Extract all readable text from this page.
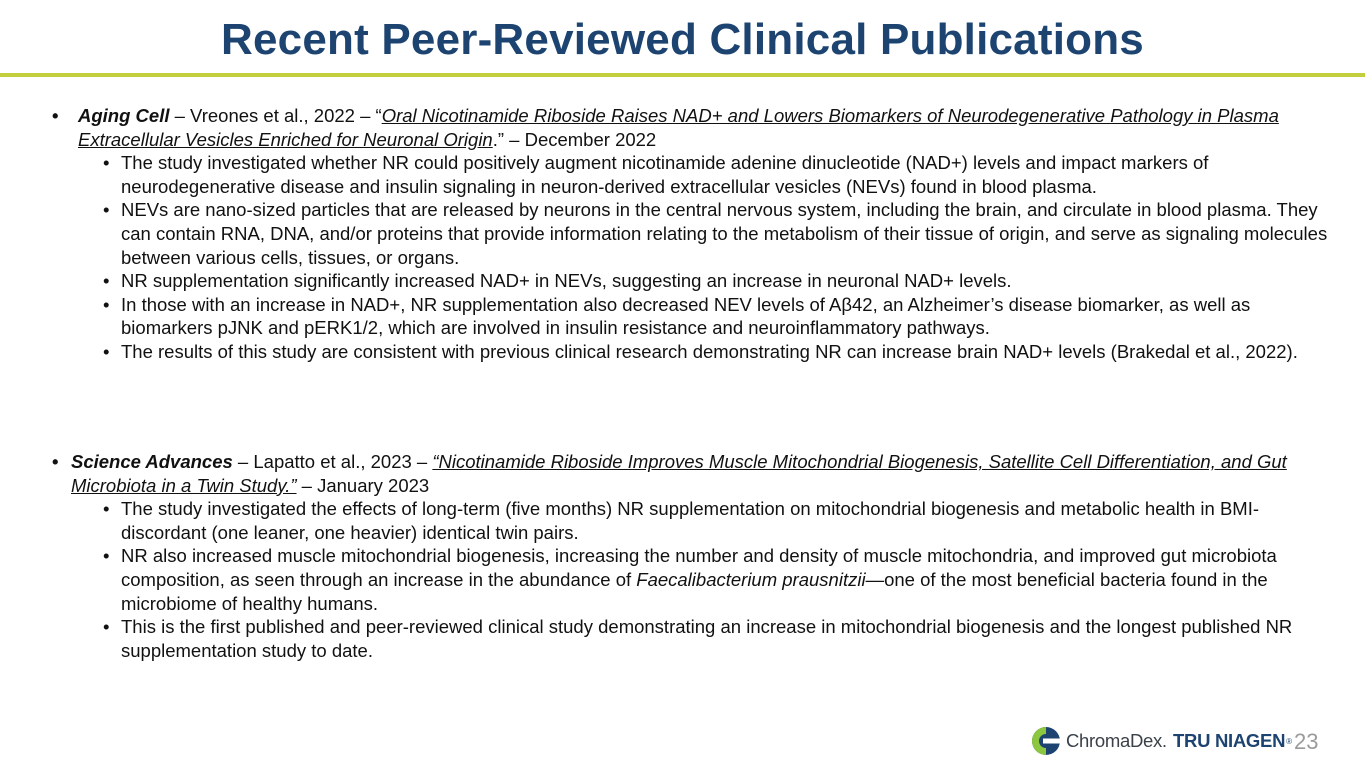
Recent Peer-Reviewed Clinical Publications
• Aging Cell – Vreones et al., 2022 – “Oral Nicotinamide Riboside Raises NAD+ and Lowers Biomarkers of Neurodegenerative Pathology in Plasma Extracellular Vesicles Enriched for Neuronal Origin.” – December 2022
• The study investigated whether NR could positively augment nicotinamide adenine dinucleotide (NAD+) levels and impact markers of neurodegenerative disease and insulin signaling in neuron-derived extracellular vesicles (NEVs) found in blood plasma.
• NEVs are nano-sized particles that are released by neurons in the central nervous system, including the brain, and circulate in blood plasma. They can contain RNA, DNA, and/or proteins that provide information relating to the metabolism of their tissue of origin, and serve as signaling molecules between various cells, tissues, or organs.
• NR supplementation significantly increased NAD+ in NEVs, suggesting an increase in neuronal NAD+ levels.
• In those with an increase in NAD+, NR supplementation also decreased NEV levels of Aβ42, an Alzheimer’s disease biomarker, as well as biomarkers pJNK and pERK1/2, which are involved in insulin resistance and neuroinflammatory pathways.
• The results of this study are consistent with previous clinical research demonstrating NR can increase brain NAD+ levels (Brakedal et al., 2022).
• Science Advances – Lapatto et al., 2023 – “Nicotinamide Riboside Improves Muscle Mitochondrial Biogenesis, Satellite Cell Differentiation, and Gut Microbiota in a Twin Study.” – January 2023
• The study investigated the effects of long-term (five months) NR supplementation on mitochondrial biogenesis and metabolic health in BMI-discordant (one leaner, one heavier) identical twin pairs.
• NR also increased muscle mitochondrial biogenesis, increasing the number and density of muscle mitochondria, and improved gut microbiota composition, as seen through an increase in the abundance of Faecalibacterium prausnitzii—one of the most beneficial bacteria found in the microbiome of healthy humans.
• This is the first published and peer-reviewed clinical study demonstrating an increase in mitochondrial biogenesis and the longest published NR supplementation study to date.
ChromaDex . TRU NIAGEN ® 23
